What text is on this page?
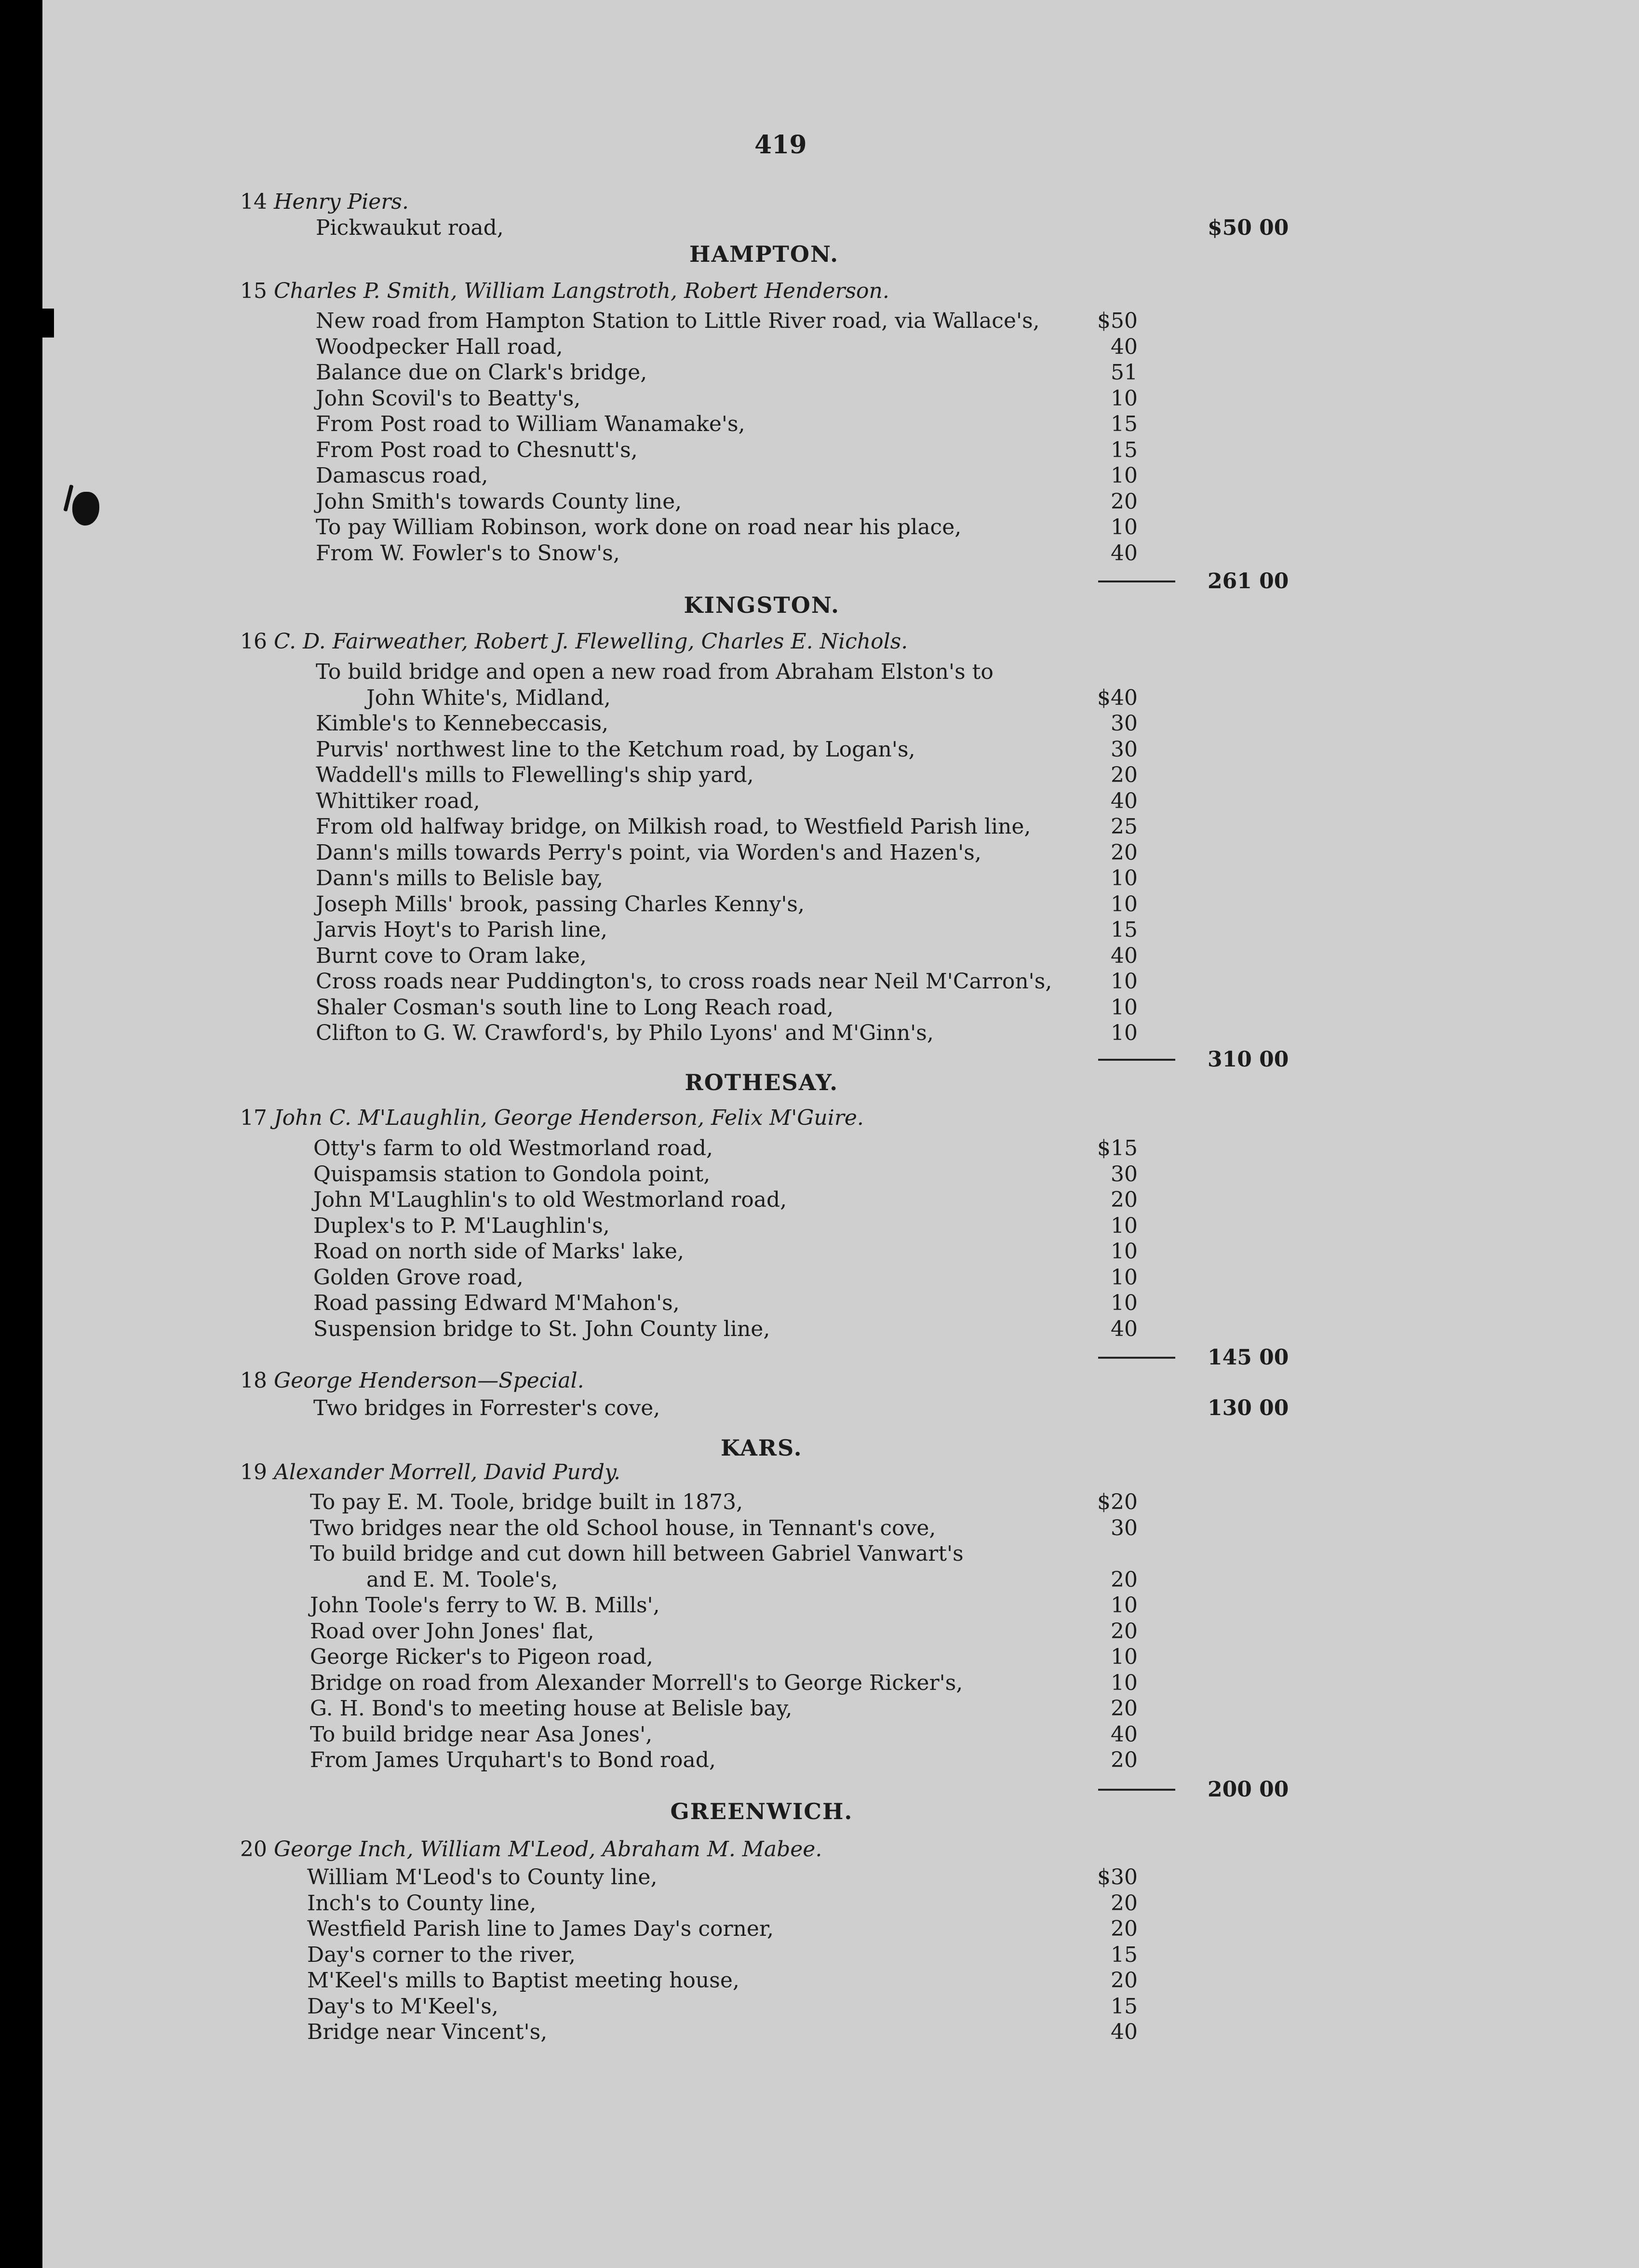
419
14 Henry Piers.
Pickwaukut road,	$50 00
HAMPTON.
15 Charles P. Smith, William Langstroth, Robert Henderson.
New road from Hampton Station to Little River road, via Wallace's,	$50
Woodpecker Hall road,	40
Balance due on Clark's bridge,	51
John Scovil's to Beatty's,	10
From Post road to William Wanamake's,	15
From Post road to Chesnutt's,	15
Damascus road,	10
John Smith's towards County line,	20
To pay William Robinson, work done on road near his place,	10
From W. Fowler's to Snow's,	40
261 00
KINGSTON.
16 C. D. Fairweather, Robert J. Flewelling, Charles E. Nichols.
To build bridge and open a new road from Abraham Elston's to
John White's, Midland,	$40
Kimble's to Kennebeccasis,	30
Purvis' northwest line to the Ketchum road, by Logan's,	30
Waddell's mills to Flewelling's ship yard,	20
Whittiker road,	40
From old halfway bridge, on Milkish road, to Westfield Parish line,	25
Dann's mills towards Perry's point, via Worden's and Hazen's,	20
Dann's mills to Belisle bay,	10
Joseph Mills' brook, passing Charles Kenny's,	10
Jarvis Hoyt's to Parish line,	15
Burnt cove to Oram lake,	40
Cross roads near Puddington's, to cross roads near Neil M'Carron's,	10
Shaler Cosman's south line to Long Reach road,	10
Clifton to G. W. Crawford's, by Philo Lyons' and M'Ginn's,	10
310 00
ROTHESAY.
17 John C. M'Laughlin, George Henderson, Felix M'Guire.
Otty's farm to old Westmorland road,	$15
Quispamsis station to Gondola point,	30
John M'Laughlin's to old Westmorland road,	20
Duplex's to P. M'Laughlin's,	10
Road on north side of Marks' lake,	10
Golden Grove road,	10
Road passing Edward M'Mahon's,	10
Suspension bridge to St. John County line,	40
145 00
18 George Henderson—Special.
Two bridges in Forrester's cove,	130 00
KARS.
19 Alexander Morrell, David Purdy.
To pay E. M. Toole, bridge built in 1873,	$20
Two bridges near the old School house, in Tennant's cove,	30
To build bridge and cut down hill between Gabriel Vanwart's
and E. M. Toole's,	20
John Toole's ferry to W. B. Mills',	10
Road over John Jones' flat,	20
George Ricker's to Pigeon road,	10
Bridge on road from Alexander Morrell's to George Ricker's,	10
G. H. Bond's to meeting house at Belisle bay,	20
To build bridge near Asa Jones',	40
From James Urquhart's to Bond road,	20
200 00
GREENWICH.
20 George Inch, William M'Leod, Abraham M. Mabee.
William M'Leod's to County line,	$30
Inch's to County line,	20
Westfield Parish line to James Day's corner,	20
Day's corner to the river,	15
M'Keel's mills to Baptist meeting house,	20
Day's to M'Keel's,	15
Bridge near Vincent's,	40
